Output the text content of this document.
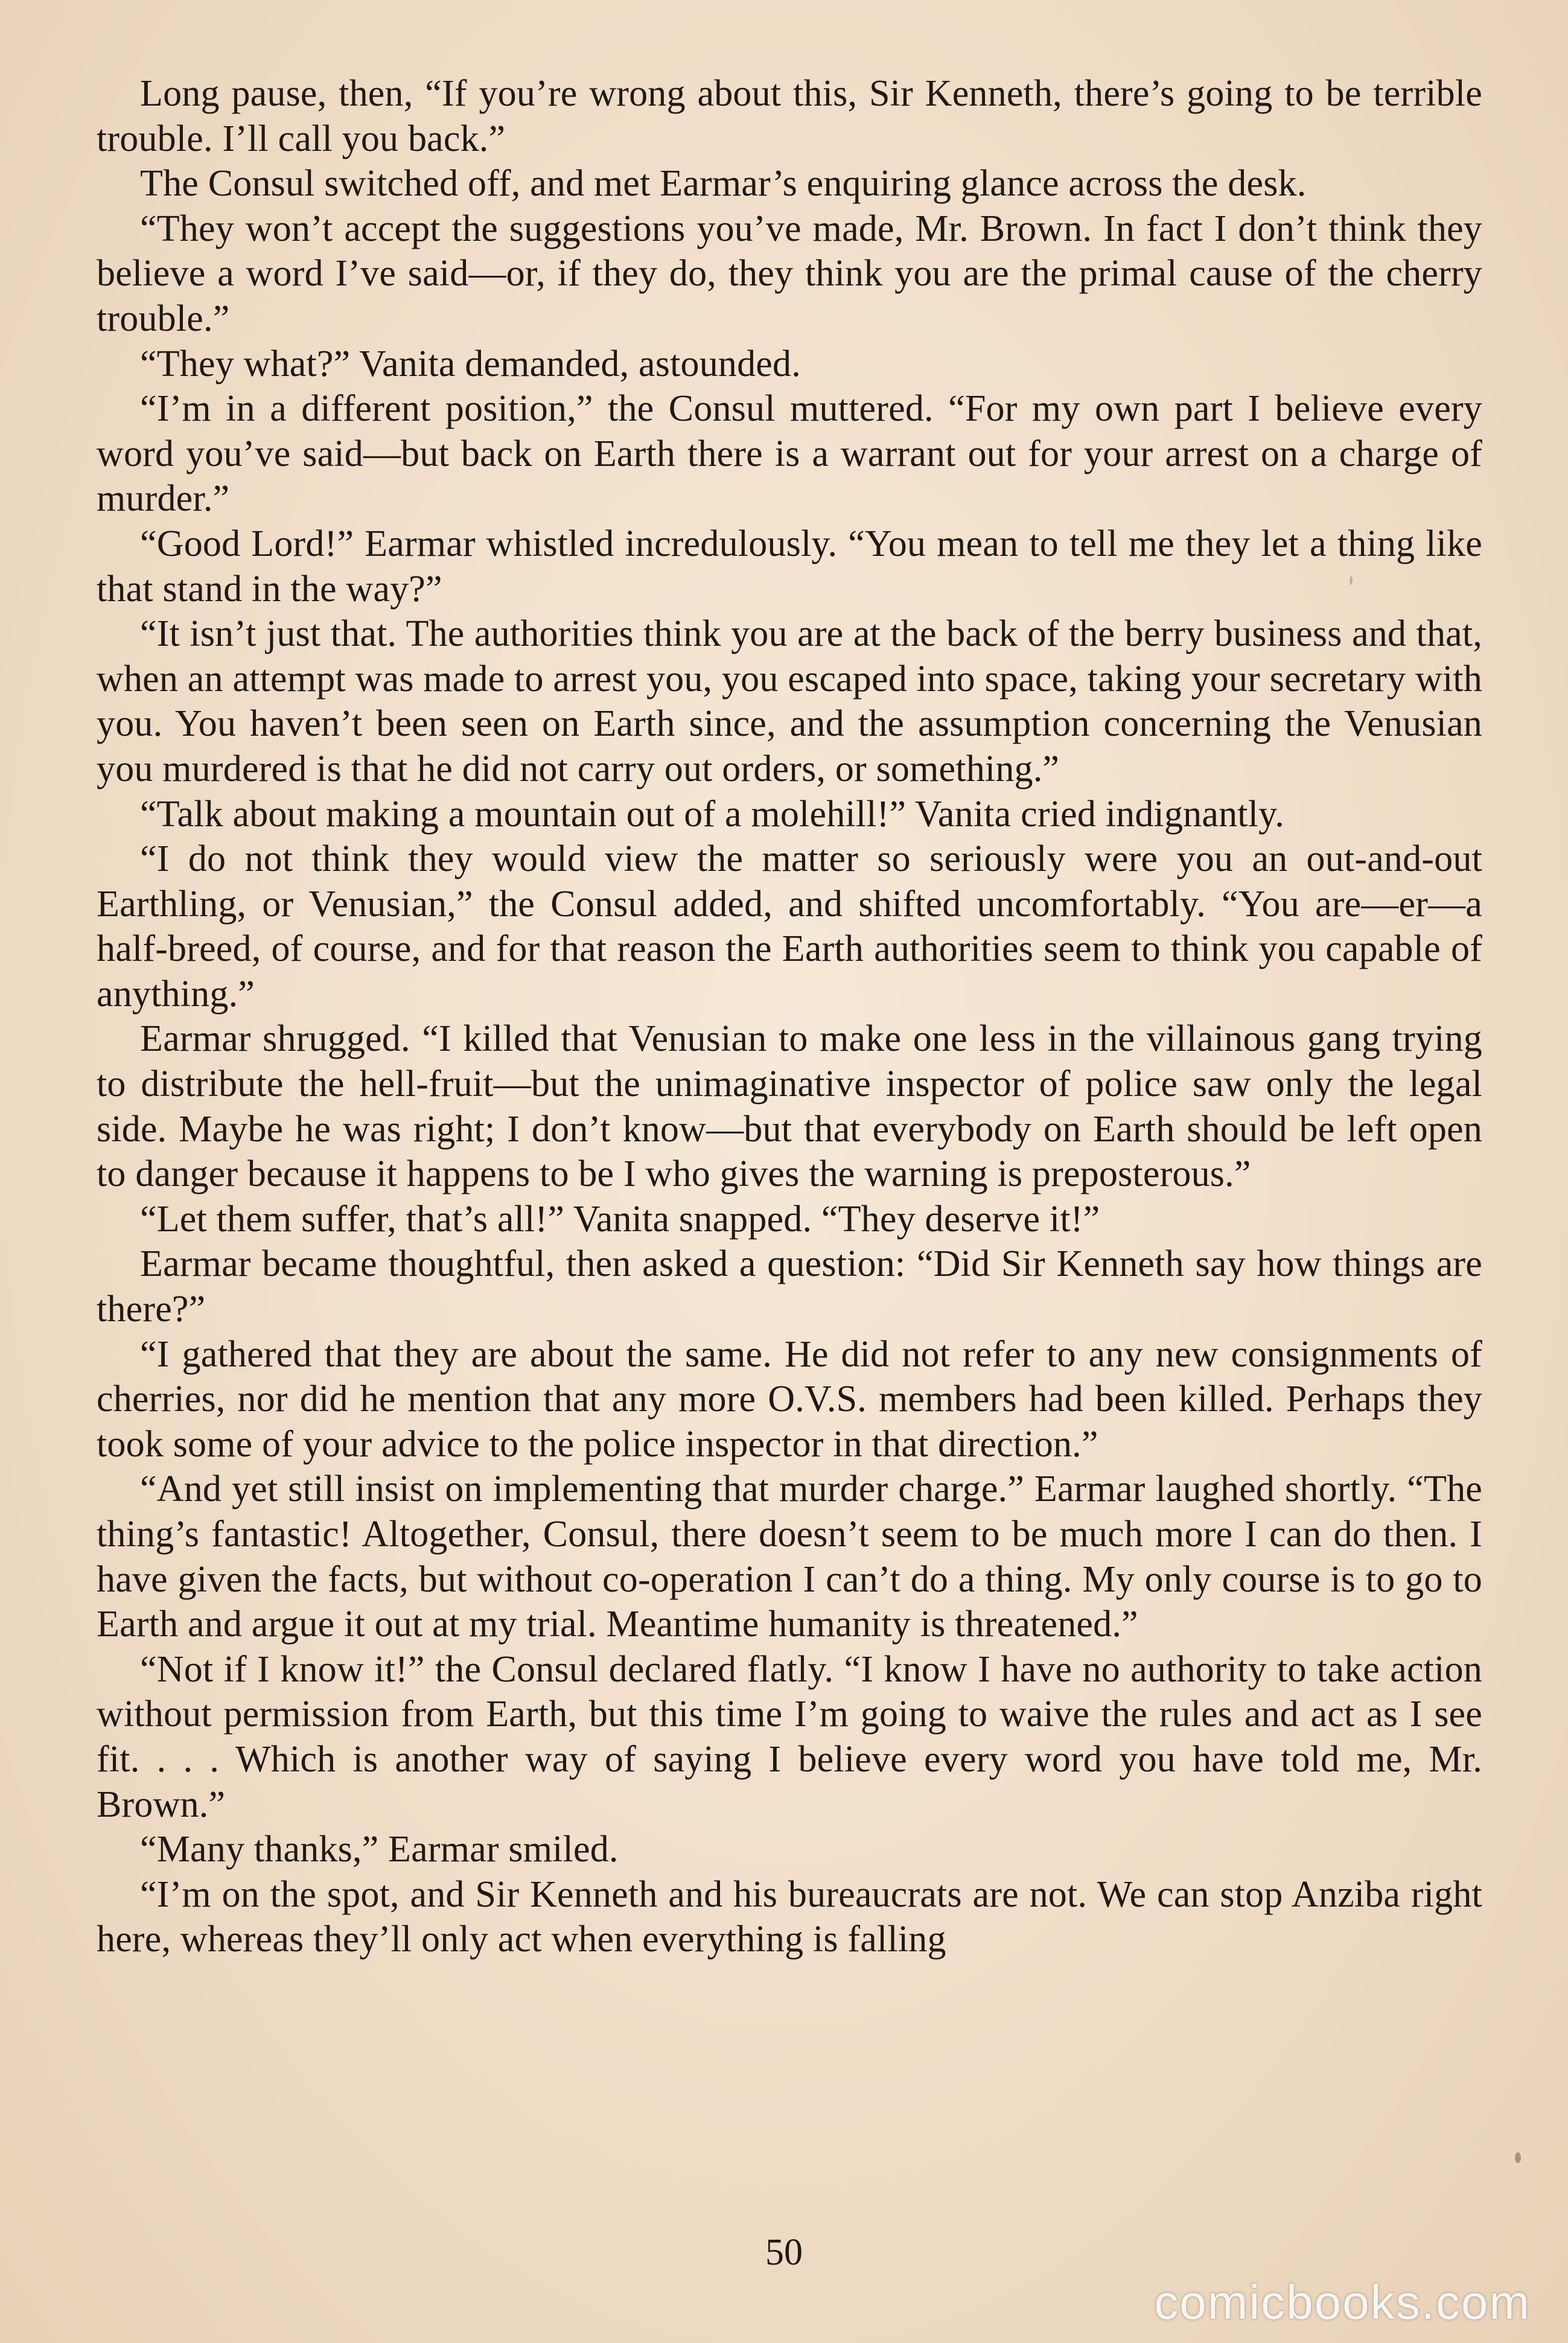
Long pause, then, “If you’re wrong about this, Sir Kenneth, there’s going to be terrible trouble. I’ll call you back.”

The Consul switched off, and met Earmar’s enquiring glance across the desk.

“They won’t accept the suggestions you’ve made, Mr. Brown. In fact I don’t think they believe a word I’ve said—or, if they do, they think you are the primal cause of the cherry trouble.”

“They what?” Vanita demanded, astounded.

“I’m in a different position,” the Consul muttered. “For my own part I believe every word you’ve said—but back on Earth there is a warrant out for your arrest on a charge of murder.”

“Good Lord!” Earmar whistled incredulously. “You mean to tell me they let a thing like that stand in the way?”

“It isn’t just that. The authorities think you are at the back of the berry business and that, when an attempt was made to arrest you, you escaped into space, taking your secretary with you. You haven’t been seen on Earth since, and the assumption concerning the Venusian you murdered is that he did not carry out orders, or something.”

“Talk about making a mountain out of a molehill!” Vanita cried indignantly.

“I do not think they would view the matter so seriously were you an out-and-out Earthling, or Venusian,” the Consul added, and shifted uncomfortably. “You are—er—a half-breed, of course, and for that reason the Earth authorities seem to think you capable of anything.”

Earmar shrugged. “I killed that Venusian to make one less in the villainous gang trying to distribute the hell-fruit—but the unimaginative inspector of police saw only the legal side. Maybe he was right; I don’t know—but that everybody on Earth should be left open to danger because it happens to be I who gives the warning is preposterous.”

“Let them suffer, that’s all!” Vanita snapped. “They deserve it!”

Earmar became thoughtful, then asked a question: “Did Sir Kenneth say how things are there?”

“I gathered that they are about the same. He did not refer to any new consignments of cherries, nor did he mention that any more O.V.S. members had been killed. Perhaps they took some of your advice to the police inspector in that direction.”

“And yet still insist on implementing that murder charge.” Earmar laughed shortly. “The thing’s fantastic! Altogether, Consul, there doesn’t seem to be much more I can do then. I have given the facts, but without co-operation I can’t do a thing. My only course is to go to Earth and argue it out at my trial. Meantime humanity is threatened.”

“Not if I know it!” the Consul declared flatly. “I know I have no authority to take action without permission from Earth, but this time I’m going to waive the rules and act as I see fit. . . . Which is another way of saying I believe every word you have told me, Mr. Brown.”

“Many thanks,” Earmar smiled.

“I’m on the spot, and Sir Kenneth and his bureaucrats are not. We can stop Anziba right here, whereas they’ll only act when everything is falling

50
comicbooks.com
